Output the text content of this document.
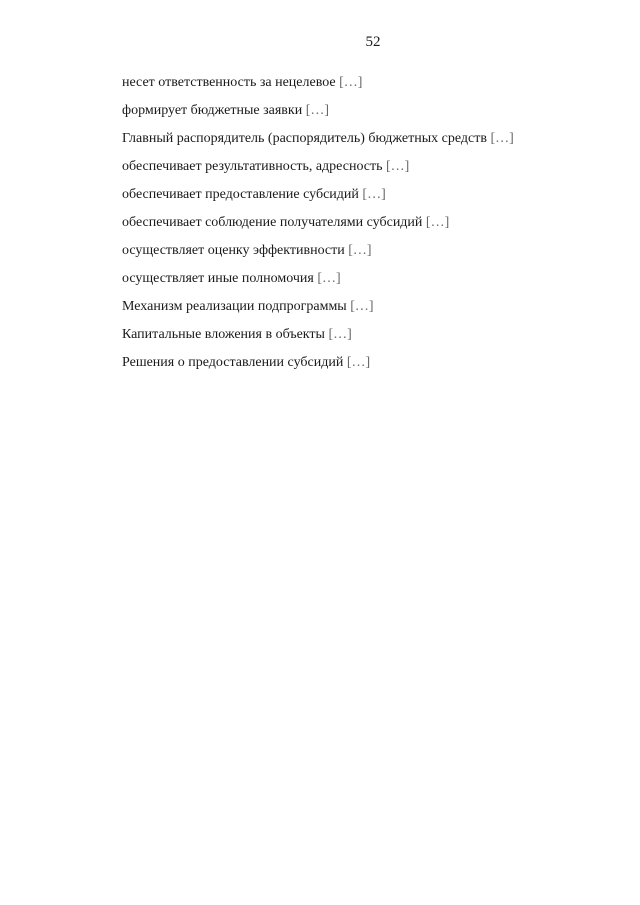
52

несет ответственность за нецелевое […]

формирует бюджетные заявки […]

Главный распорядитель (распорядитель) бюджетных средств […]

обеспечивает результативность, адресность […]

обеспечивает предоставление субсидий […]

обеспечивает соблюдение получателями субсидий […]

осуществляет оценку эффективности […]

осуществляет иные полномочия […]

Механизм реализации подпрограммы […]

Капитальные вложения в объекты […]

Решения о предоставлении субсидий […]
